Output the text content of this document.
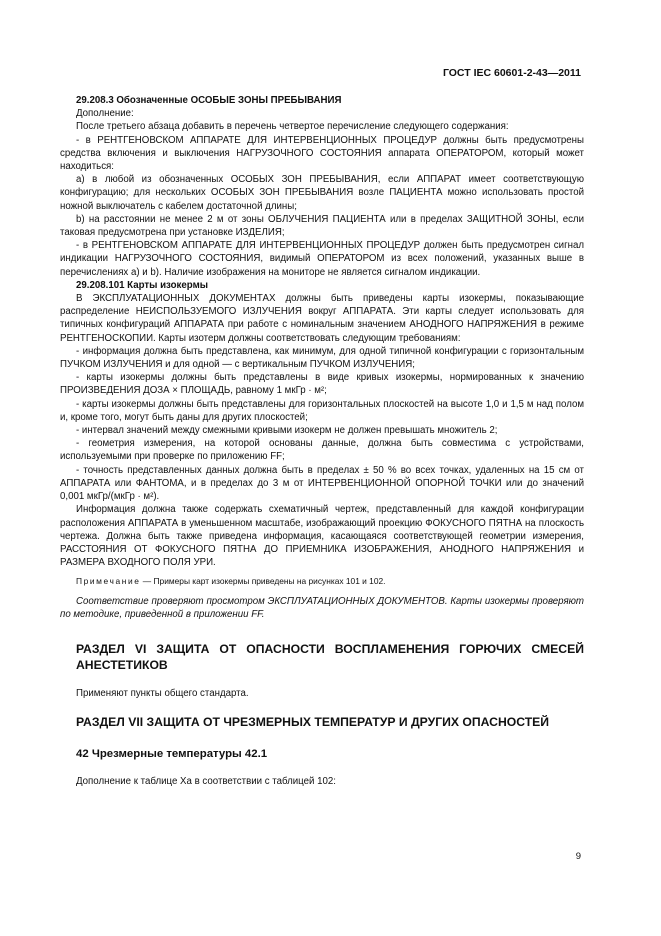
ГОСТ IEC 60601-2-43—2011

29.208.3 Обозначенные ОСОБЫЕ ЗОНЫ ПРЕБЫВАНИЯ

Дополнение:

После третьего абзаца добавить в перечень четвертое перечисление следующего содержания:

- в РЕНТГЕНОВСКОМ АППАРАТЕ ДЛЯ ИНТЕРВЕНЦИОННЫХ ПРОЦЕДУР должны быть предусмотрены средства включения и выключения НАГРУЗОЧНОГО СОСТОЯНИЯ аппарата ОПЕРАТОРОМ, который может находиться:

а) в любой из обозначенных ОСОБЫХ ЗОН ПРЕБЫВАНИЯ, если АППАРАТ имеет соответствующую конфигурацию; для нескольких ОСОБЫХ ЗОН ПРЕБЫВАНИЯ возле ПАЦИЕНТА можно использовать простой ножной выключатель с кабелем достаточной длины;

b) на расстоянии не менее 2 м от зоны ОБЛУЧЕНИЯ ПАЦИЕНТА или в пределах ЗАЩИТНОЙ ЗОНЫ, если таковая предусмотрена при установке ИЗДЕЛИЯ;

- в РЕНТГЕНОВСКОМ АППАРАТЕ ДЛЯ ИНТЕРВЕНЦИОННЫХ ПРОЦЕДУР должен быть предусмотрен сигнал индикации НАГРУЗОЧНОГО СОСТОЯНИЯ, видимый ОПЕРАТОРОМ из всех положений, указанных выше в перечислениях а) и b). Наличие изображения на мониторе не является сигналом индикации.

29.208.101 Карты изокермы

В ЭКСПЛУАТАЦИОННЫХ ДОКУМЕНТАХ должны быть приведены карты изокермы, показывающие распределение НЕИСПОЛЬЗУЕМОГО ИЗЛУЧЕНИЯ вокруг АППАРАТА. Эти карты следует использовать для типичных конфигураций АППАРАТА при работе с номинальным значением АНОДНОГО НАПРЯЖЕНИЯ в режиме РЕНТГЕНОСКОПИИ. Карты изотерм должны соответствовать следующим требованиям:

- информация должна быть представлена, как минимум, для одной типичной конфигурации с горизонтальным ПУЧКОМ ИЗЛУЧЕНИЯ и для одной — с вертикальным ПУЧКОМ ИЗЛУЧЕНИЯ;

- карты изокермы должны быть представлены в виде кривых изокермы, нормированных к значению ПРОИЗВЕДЕНИЯ ДОЗА × ПЛОЩАДЬ, равному 1 мкГр · м²;

- карты изокермы должны быть представлены для горизонтальных плоскостей на высоте 1,0 и 1,5 м над полом и, кроме того, могут быть даны для других плоскостей;

- интервал значений между смежными кривыми изокерм не должен превышать множитель 2;

- геометрия измерения, на которой основаны данные, должна быть совместима с устройствами, используемыми при проверке по приложению FF;

- точность представленных данных должна быть в пределах ± 50 % во всех точках, удаленных на 15 см от АППАРАТА или ФАНТОМА, и в пределах до 3 м от ИНТЕРВЕНЦИОННОЙ ОПОРНОЙ ТОЧКИ или до значений 0,001 мкГр/(мкГр · м²).

Информация должна также содержать схематичный чертеж, представленный для каждой конфигурации расположения АППАРАТА в уменьшенном масштабе, изображающий проекцию ФОКУСНОГО ПЯТНА на плоскость чертежа. Должна быть также приведена информация, касающаяся соответствующей геометрии измерения, РАССТОЯНИЯ ОТ ФОКУСНОГО ПЯТНА ДО ПРИЕМНИКА ИЗОБРАЖЕНИЯ, АНОДНОГО НАПРЯЖЕНИЯ и РАЗМЕРА ВХОДНОГО ПОЛЯ УРИ.

Примечание — Примеры карт изокермы приведены на рисунках 101 и 102.

Соответствие проверяют просмотром ЭКСПЛУАТАЦИОННЫХ ДОКУМЕНТОВ. Карты изокермы проверяют по методике, приведенной в приложении FF.

РАЗДЕЛ VI ЗАЩИТА ОТ ОПАСНОСТИ ВОСПЛАМЕНЕНИЯ ГОРЮЧИХ СМЕСЕЙ АНЕСТЕТИКОВ

Применяют пункты общего стандарта.

РАЗДЕЛ VII ЗАЩИТА ОТ ЧРЕЗМЕРНЫХ ТЕМПЕРАТУР И ДРУГИХ ОПАСНОСТЕЙ

42 Чрезмерные температуры 42.1

Дополнение к таблице Ха в соответствии с таблицей 102:

9
